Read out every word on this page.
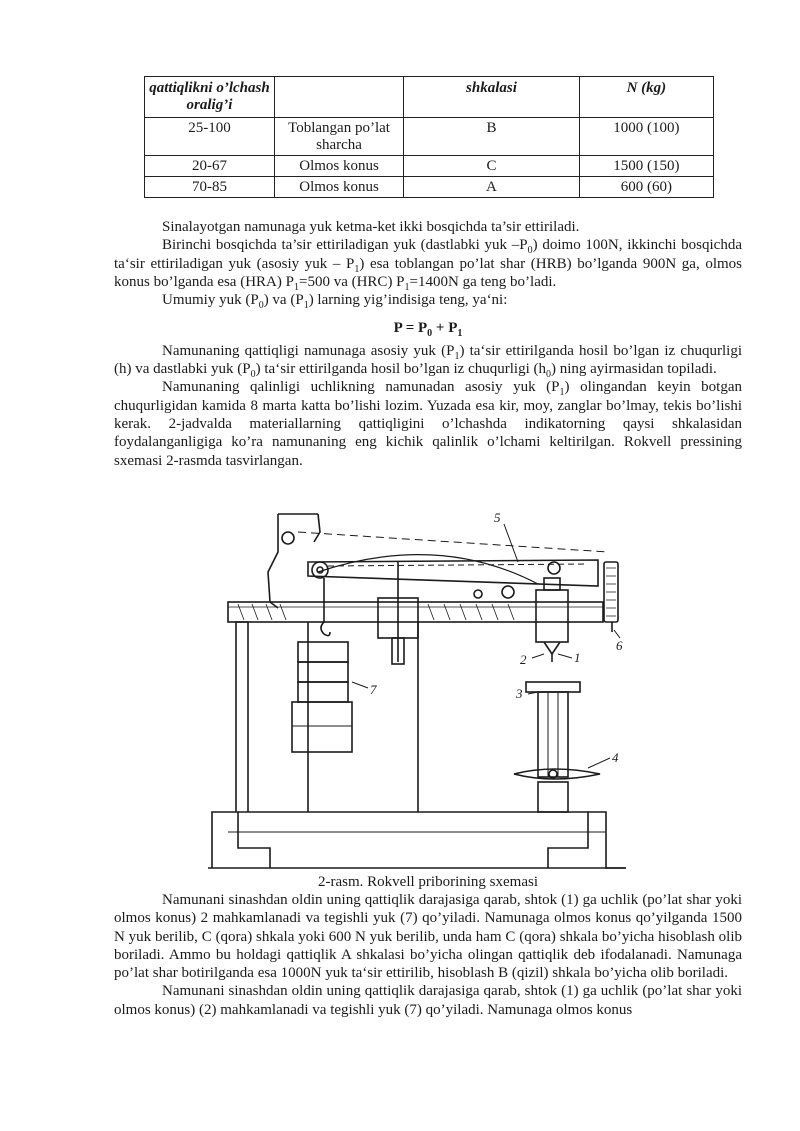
qattiqlikni o’lchash oralig’i		shkalasi	N (kg)
25-100	Toblangan po’lat sharcha	B	1000 (100)
20-67	Olmos konus	C	1500 (150)
70-85	Olmos konus	A	600 (60)

Sinalayotgan namunaga yuk ketma-ket ikki bosqichda ta’sir ettiriladi.

Birinchi bosqichda ta’sir ettiriladigan yuk (dastlabki yuk $-P_0$) doimo 100N, ikkinchi bosqichda ta‘sir ettiriladigan yuk (asosiy yuk – $P_1$) esa toblangan po’lat shar (HRB) bo’lganda 900N ga, olmos konus bo’lganda esa (HRA) $P_1=500$ va (HRC) $P_1=1400N$ ga teng bo’ladi.

Umumiy yuk $(P_0)$ va $(P_1)$ larning yig’indisiga teng, ya‘ni:

$P = P_0 + P_1$

Namunaning qattiqligi namunaga asosiy yuk $(P_1)$ ta‘sir ettirilganda hosil bo’lgan iz chuqurligi (h) va dastlabki yuk $(P_0)$ ta‘sir ettirilganda hosil bo’lgan iz chuqurligi $(h_0)$ ning ayirmasidan topiladi.

Namunaning qalinligi uchlikning namunadan asosiy yuk $(P_1)$ olingandan keyin botgan chuqurligidan kamida 8 marta katta bo’lishi lozim. Yuzada esa kir, moy, zanglar bo’lmay, tekis bo’lishi kerak. 2-jadvalda materiallarning qattiqligini o’lchashda indikatorning qaysi shkalasidan foydalanganligiga ko’ra namunaning eng kichik qalinlik o’lchami keltirilgan. Rokvell pressining sxemasi 2-rasmda tasvirlangan.

5
1
2
3
4
6
7
2-rasm. Rokvell priborining sxemasi

Namunani sinashdan oldin uning qattiqlik darajasiga qarab, shtok (1) ga uchlik (po’lat shar yoki olmos konus) 2 mahkamlanadi va tegishli yuk (7) qo’yiladi. Namunaga olmos konus qo’yilganda 1500 N yuk berilib, C (qora) shkala yoki 600 N yuk berilib, unda ham C (qora) shkala bo’yicha hisoblash olib boriladi. Ammo bu holdagi qattiqlik A shkalasi bo’yicha olingan qattiqlik deb ifodalanadi. Namunaga po’lat shar botirilganda esa 1000N yuk ta‘sir ettirilib, hisoblash B (qizil) shkala bo’yicha olib boriladi.

Namunani sinashdan oldin uning qattiqlik darajasiga qarab, shtok (1) ga uchlik (po’lat shar yoki olmos konus) (2) mahkamlanadi va tegishli yuk (7) qo’yiladi. Namunaga olmos konus
